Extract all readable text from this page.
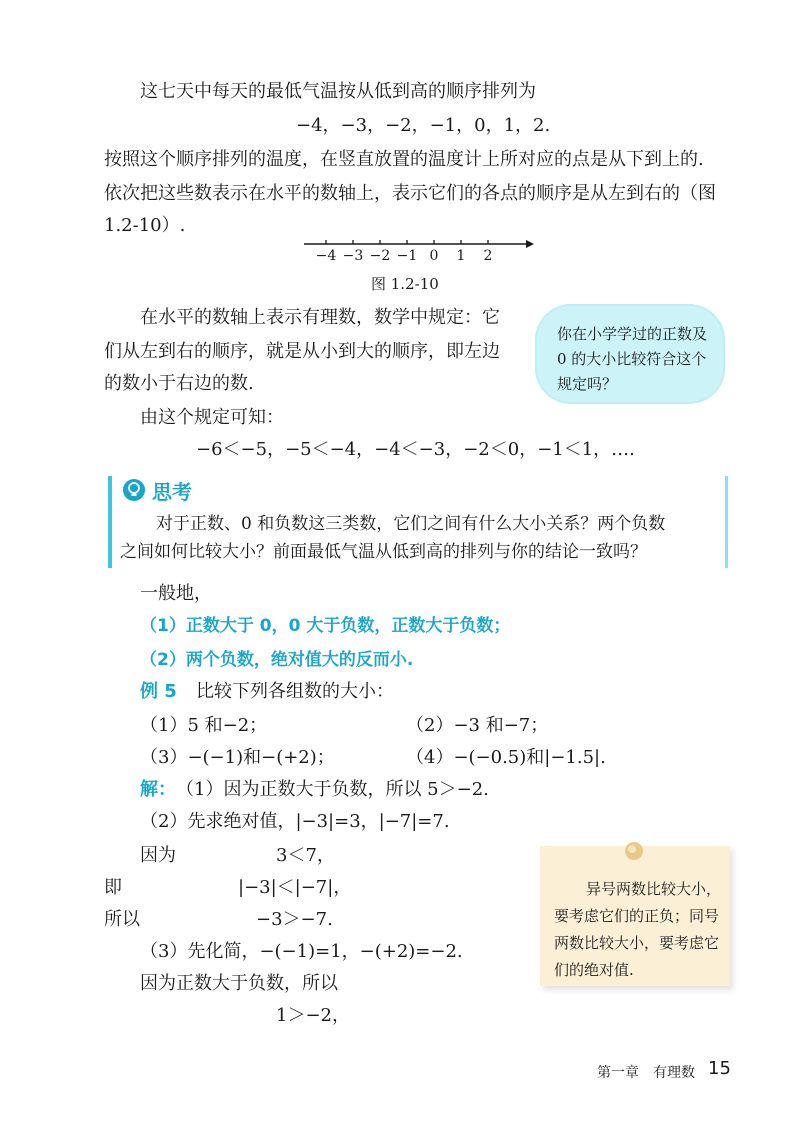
这七天中每天的最低气温按从低到高的顺序排列为
−4，−3，−2，−1，0，1，2.
按照这个顺序排列的温度，在竖直放置的温度计上所对应的点是从下到上的.
依次把这些数表示在水平的数轴上，表示它们的各点的顺序是从左到右的（图
1.2-10）.
−4 −3 −2 −1 0 1 2
图 1.2-10
在水平的数轴上表示有理数，数学中规定：它
们从左到右的顺序，就是从小到大的顺序，即左边
的数小于右边的数.
由这个规定可知：
−6＜−5，−5＜−4，−4＜−3，−2＜0，−1＜1，….
你在小学学过的正数及 0 的大小比较符合这个规定吗？
思考
对于正数、0 和负数这三类数，它们之间有什么大小关系？两个负数
之间如何比较大小？前面最低气温从低到高的排列与你的结论一致吗？
一般地，
（1）正数大于 0，0 大于负数，正数大于负数；
（2）两个负数，绝对值大的反而小.
例 5 比较下列各组数的大小：
（1）5 和−2；	（2）−3 和−7；
（3）−(−1)和−(+2)；	（4）−(−0.5)和|−1.5|.
解： （1）因为正数大于负数，所以 5＞−2.
（2）先求绝对值，|−3|=3，|−7|=7.
因为	3＜7，
即	|−3|＜|−7|，
所以	−3＞−7.
（3）先化简，−(−1)=1，−(+2)=−2.
因为正数大于负数，所以
1＞−2，
异号两数比较大小，要考虑它们的正负；同号两数比较大小，要考虑它们的绝对值.
第一章　有理数 15
